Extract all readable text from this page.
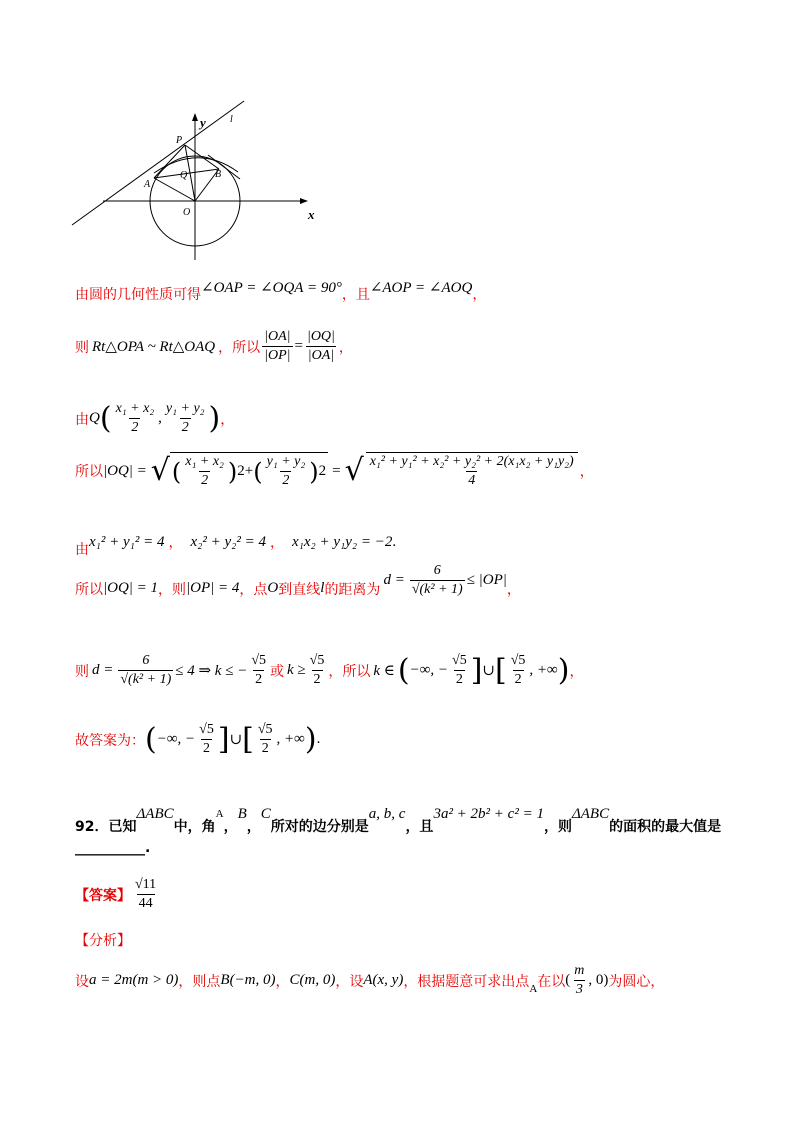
y
x
l
P
Q
A
B
O
由圆的几何性质可得 ∠OAP = ∠OQA = 90° ，且 ∠AOP = ∠AOQ ，
则 Rt△OPA ~ Rt△OAQ ，所以 $\frac{|OA|}{|OP|} = \frac{|OQ|}{|OA|}$ ，
由 Q ( $\frac{\text{x₁ + x₂}}{2}$ , $\frac{\text{y₁ + y₂}}{2}$ ) ，
所以 |OQ| = √ ( $\frac{\text{x₁ + x₂}}{2}$ ) 2 + ( $\frac{\text{y₁ + y₂}}{2}$ ) 2 = √ $\frac{\text{x₁² + y₁² + x₂² + y₂² + 2(x₁x₂ + y₁y₂)}}{4}$ ，
由
x₁² + y₁² = 4 ， x₂² + y₂² = 4 ， x₁x₂ + y₁y₂ = −2 .
所以 |OQ| = 1 ，则 |OP| = 4 ，点 O 到直线 l 的距离为
$d = \frac{6}{\text{√(k² + 1)}} \le |OP|$
，
则 $d = \frac{6}{\text{√(k² + 1)}} \le 4$ ⇒ k ≤ − $\frac{√5}{2}$ 或 $k \ge \frac{√5}{2}$ ，所以 k ∈ ( −∞, − $\frac{√5}{2}$ ] ∪ [ $\frac{√5}{2}$ , +∞ ) ，
故答案为： ( −∞, − $\frac{√5}{2}$ ] ∪ [ $\frac{√5}{2}$ , +∞ ) .
92．已知
ΔABC
中，角
A
，
B
，
C
所对的边分别是
a, b, c
，且
3a² + 2b² + c² = 1
，则
ΔABC
的面积的最大值是
__________.
【答案】 $\frac{√11}{44}$
【分析】
设 a = 2m(m > 0) ，则点 B(−m, 0) ， C(m, 0) ，设 A(x, y) ，根据题意可求出点 A 在以 ( $\frac{m}{3}$ , 0) 为圆心，
